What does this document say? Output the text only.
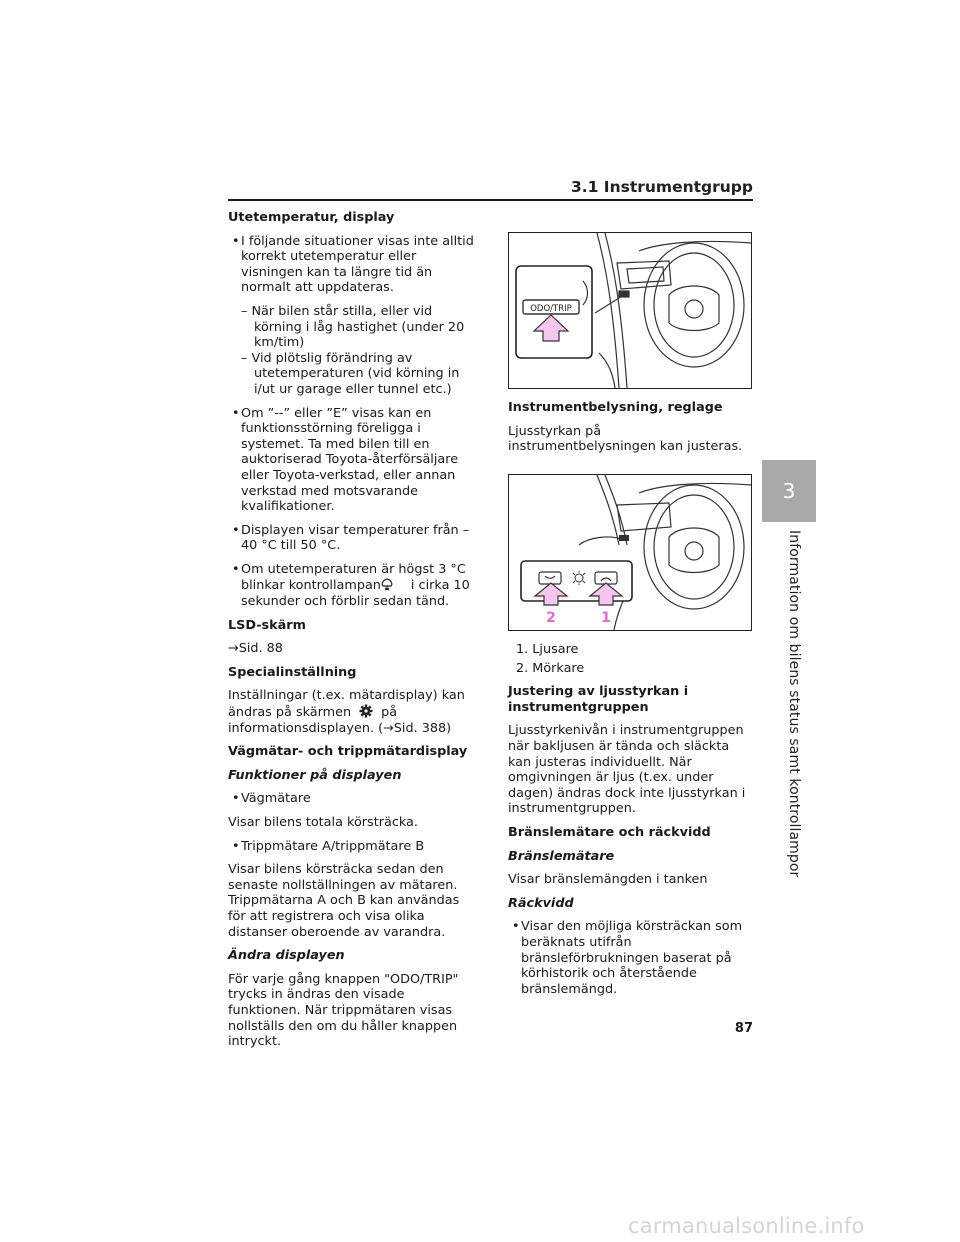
3.1 Instrumentgrupp
3
Information om bilens status samt kontrollampor
Utetemperatur, display
•I följande situationer visas inte alltid korrekt utetemperatur eller visningen kan ta längre tid än normalt att uppdateras.
– När bilen står stilla, eller vid körning i låg hastighet (under 20 km/tim)
– Vid plötslig förändring av utetemperaturen (vid körning in i/ut ur garage eller tunnel etc.)
•Om ”--” eller ”E” visas kan en funktionsstörning föreligga i systemet. Ta med bilen till en auktoriserad Toyota-återförsäljare eller Toyota-verkstad, eller annan verkstad med motsvarande kvalifikationer.
•Displayen visar temperaturer från –40 °C till 50 °C.
•Om utetemperaturen är högst 3 °C blinkar kontrollampan i cirka 10 sekunder och förblir sedan tänd.
LSD-skärm
→Sid. 88
Specialinställning
Inställningar (t.ex. mätardisplay) kan ändras på skärmen på informationsdisplayen. (→Sid. 388)
Vägmätar- och trippmätardisplay
Funktioner på displayen
•Vägmätare
Visar bilens totala körsträcka.
•Trippmätare A/trippmätare B
Visar bilens körsträcka sedan den senaste nollställningen av mätaren. Trippmätarna A och B kan användas för att registrera och visa olika distanser oberoende av varandra.
Ändra displayen
För varje gång knappen "ODO/TRIP" trycks in ändras den visade funktionen. När trippmätaren visas nollställs den om du håller knappen intryckt.
ODO/TRIP
2	1
Instrumentbelysning, reglage
Ljusstyrkan på instrumentbelysningen kan justeras.
1. Ljusare
2. Mörkare
Justering av ljusstyrkan i instrumentgruppen
Ljusstyrkenivån i instrumentgruppen när bakljusen är tända och släckta kan justeras individuellt. När omgivningen är ljus (t.ex. under dagen) ändras dock inte ljusstyrkan i instrumentgruppen.
Bränslemätare och räckvidd
Bränslemätare
Visar bränslemängden i tanken
Räckvidd
•Visar den möjliga körsträckan som beräknats utifrån bränsleförbrukningen baserat på körhistorik och återstående bränslemängd.
87
carmanualsonline.info
